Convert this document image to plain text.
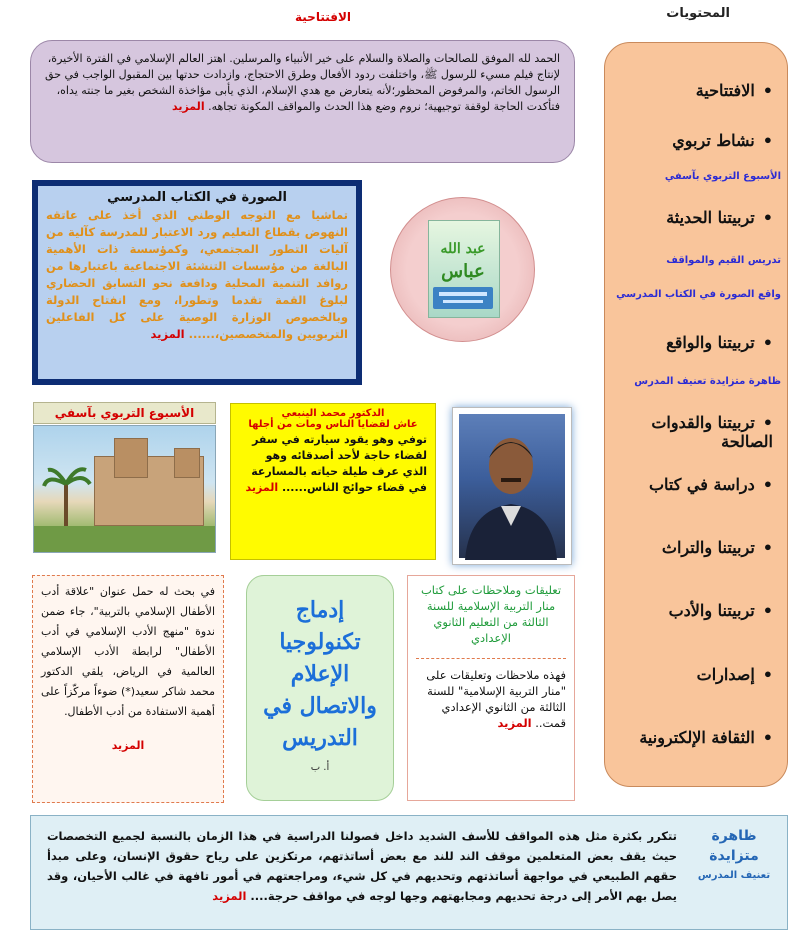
المحتويات
الافتتاحية
• الافتتاحية
• نشاط تربوي
الأسبوع التربوي بآسفي
• تربيتنا الحديثة
تدريس القيم والمواقف
واقع الصورة في الكتاب المدرسي
• تربيتنا والواقع
ظاهرة متزايدة تعنيف المدرس
• تربيتنا والقدوات الصالحة
• دراسة في كتاب
• تربيتنا والتراث
• تربيتنا والأدب
• إصدارات
• الثقافة الإلكترونية
الحمد لله الموفق للصالحات والصلاة والسلام على خير الأنبياء والمرسلين. اهتز العالم الإسلامي في الفترة الأخيرة، لإنتاج فيلم مسيء للرسول ﷺ، واختلفت ردود الأفعال وطرق الاحتجاج، وازدادت حدتها بين المقبول الواجب في حق الرسول الخاتم، والمرفوض المحظور؛لأنه يتعارض مع هدي الإسلام، الذي يأبى مؤاخذة الشخص بغير ما جنته يداه، فتأكدت الحاجة لوقفة توجيهية؛ نروم وضع هذا الحدث والمواقف المكونة تجاهه. المزيد
الصورة في الكتاب المدرسي
تماشيا مع التوجه الوطني الذي أخذ على عاتقه النهوض بقطاع التعليم ورد الاعتبار للمدرسة كآلية من آليات التطور المجتمعي، وكمؤسسة ذات الأهمية البالغة من مؤسسات التنشئة الاجتماعية باعتبارها من روافد التنمية المحلية ودافعة نحو التسابق الحضاري لبلوغ القمة تقدما وتطورا، ومع انفتاح الدولة وبالخصوص الوزارة الوصية على كل الفاعلين التربويين والمتخصصين،...... المزيد
عبد الله
عباس
الأسبوع التربوي بآسفي	الدكتور محمد الينبعي
عاش لقضايا الناس ومات من أجلها
توفي وهو يقود سيارته في سفر لقضاء حاجة لأحد أصدقائه وهو الذي عرف طيلة حياته بالمسارعة في قضاء حوائج الناس...... المزيد
في بحث له حمل عنوان "علاقة أدب الأطفال الإسلامي بالتربية"، جاء ضمن ندوة "منهج الأدب الإسلامي في أدب الأطفال" لرابطة الأدب الإسلامي العالمية في الرياض، يلقي الدكتور محمد شاكر سعيد(*) ضوءاً مركّزاً على أهمية الاستفادة من أدب الأطفال.
المزيد
إدماج تكنولوجيا الإعلام والاتصال في التدريس
أ. ب
تعليقات وملاحظات على كتاب منار التربية الإسلامية للسنة الثالثة من التعليم الثانوي الإعدادي
فهذه ملاحظات وتعليقات على "منار التربية الإسلامية" للسنة الثالثة من الثانوي الإعدادي قمت.. المزيد
ظاهرة متزايدة
تعنيف المدرس
تتكرر بكثرة مثل هذه المواقف للأسف الشديد داخل فصولنا الدراسية في هذا الزمان بالنسبة لجميع التخصصات حيث يقف بعض المتعلمين موقف الند للند مع بعض أساتذتهم، مرتكزين على رياح حقوق الإنسان، وعلى مبدأ حقهم الطبيعي في مواجهة أساتذتهم وتحديهم في كل شيء، ومراجعتهم في أمور تافهة في غالب الأحيان، وقد يصل بهم الأمر إلى درجة تحديهم ومجابهتهم وجها لوجه في مواقف حرجة.... المزيد
